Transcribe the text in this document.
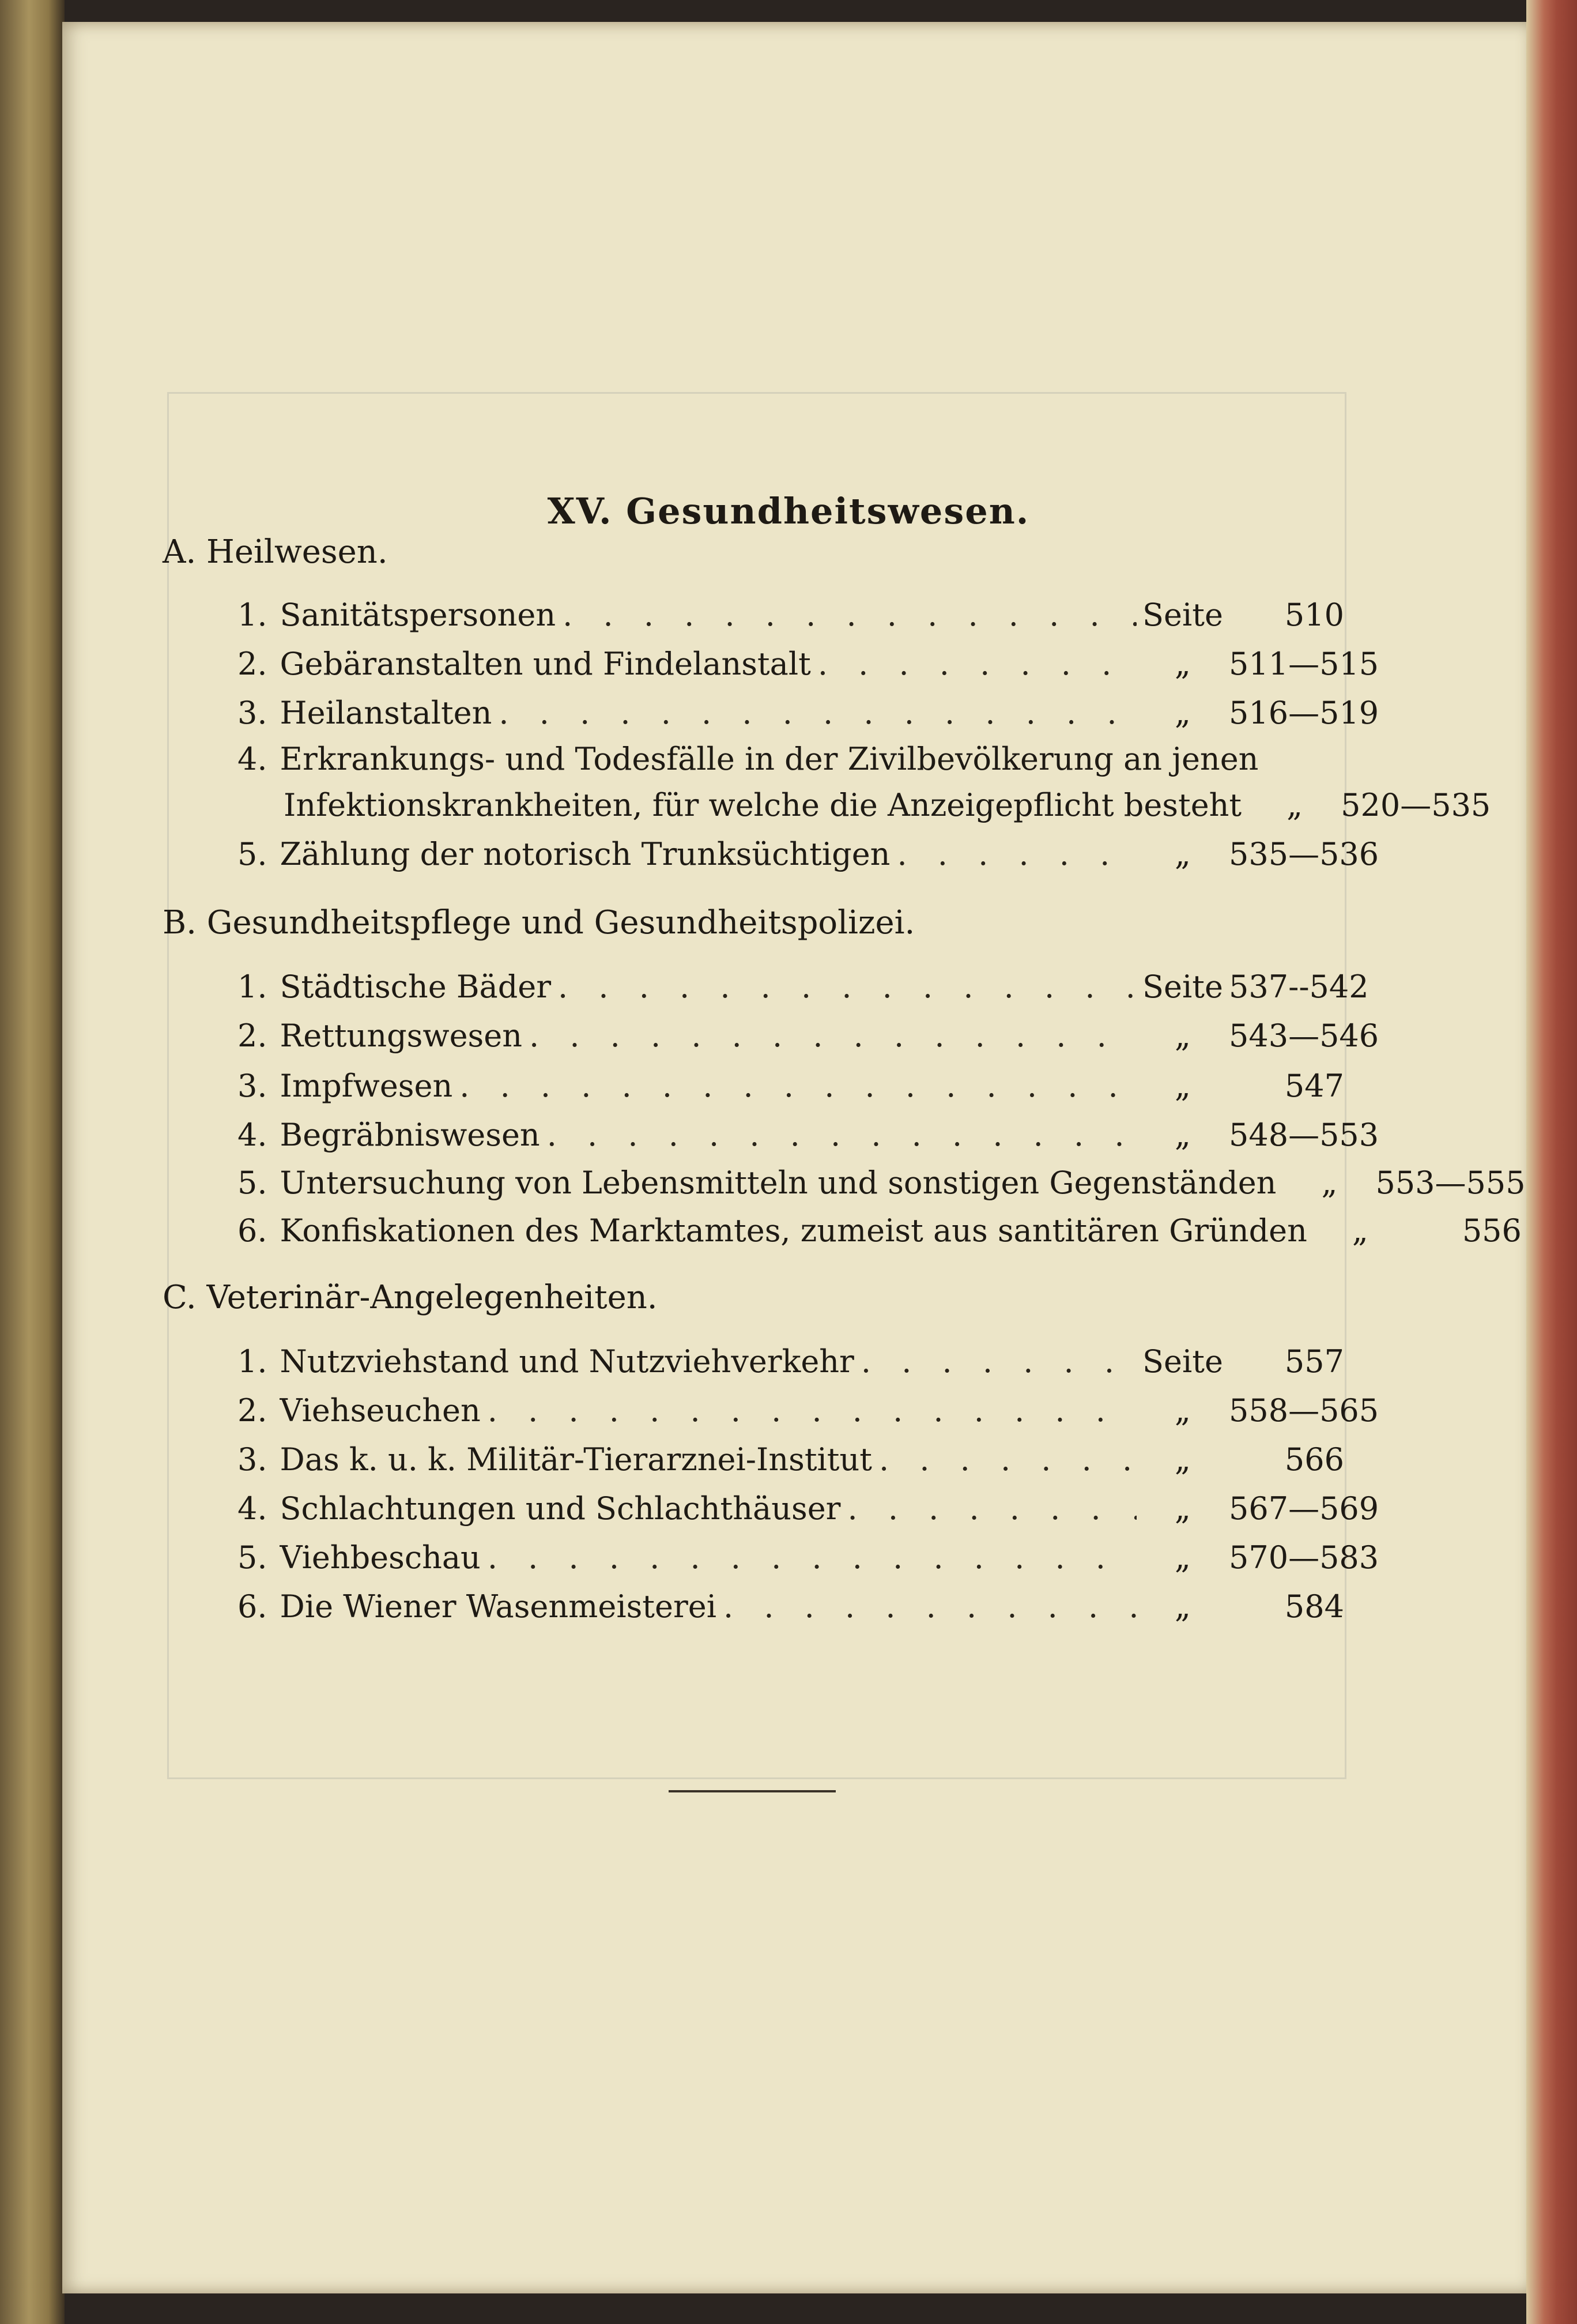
XV. Gesundheitswesen.
A. Heilwesen.
1. Sanitätspersonen . . .	Seite	510
2. Gebäranstalten und Findelanstalt . . .	„	511—515
3. Heilanstalten . . .	„	516—519
4. Erkrankungs- und Todesfälle in der Zivilbevölkerung an jenen
Infektionskrankheiten, für welche die Anzeigepflicht besteht	„	520—535
5. Zählung der notorisch Trunksüchtigen . . .	„	535—536
B. Gesundheitspflege und Gesundheitspolizei.
1. Städtische Bäder . . .	Seite 537--542
2. Rettungswesen . . .	„	543—546
3. Impfwesen . . .	„	547
4. Begräbniswesen . . .	„	548—553
5. Untersuchung von Lebensmitteln und sonstigen Gegenständen	„	553—555
6. Konfiskationen des Marktamtes, zumeist aus santitären Gründen	„	556
C. Veterinär-Angelegenheiten.
1. Nutzviehstand und Nutzviehverkehr . . .	Seite	557
2. Viehseuchen . . .	„	558—565
3. Das k. u. k. Militär-Tierarznei-Institut . . .	„	566
4. Schlachtungen und Schlachthäuser . . .	„	567—569
5. Viehbeschau . . .	„	570—583
6. Die Wiener Wasenmeisterei . . .	„	584
